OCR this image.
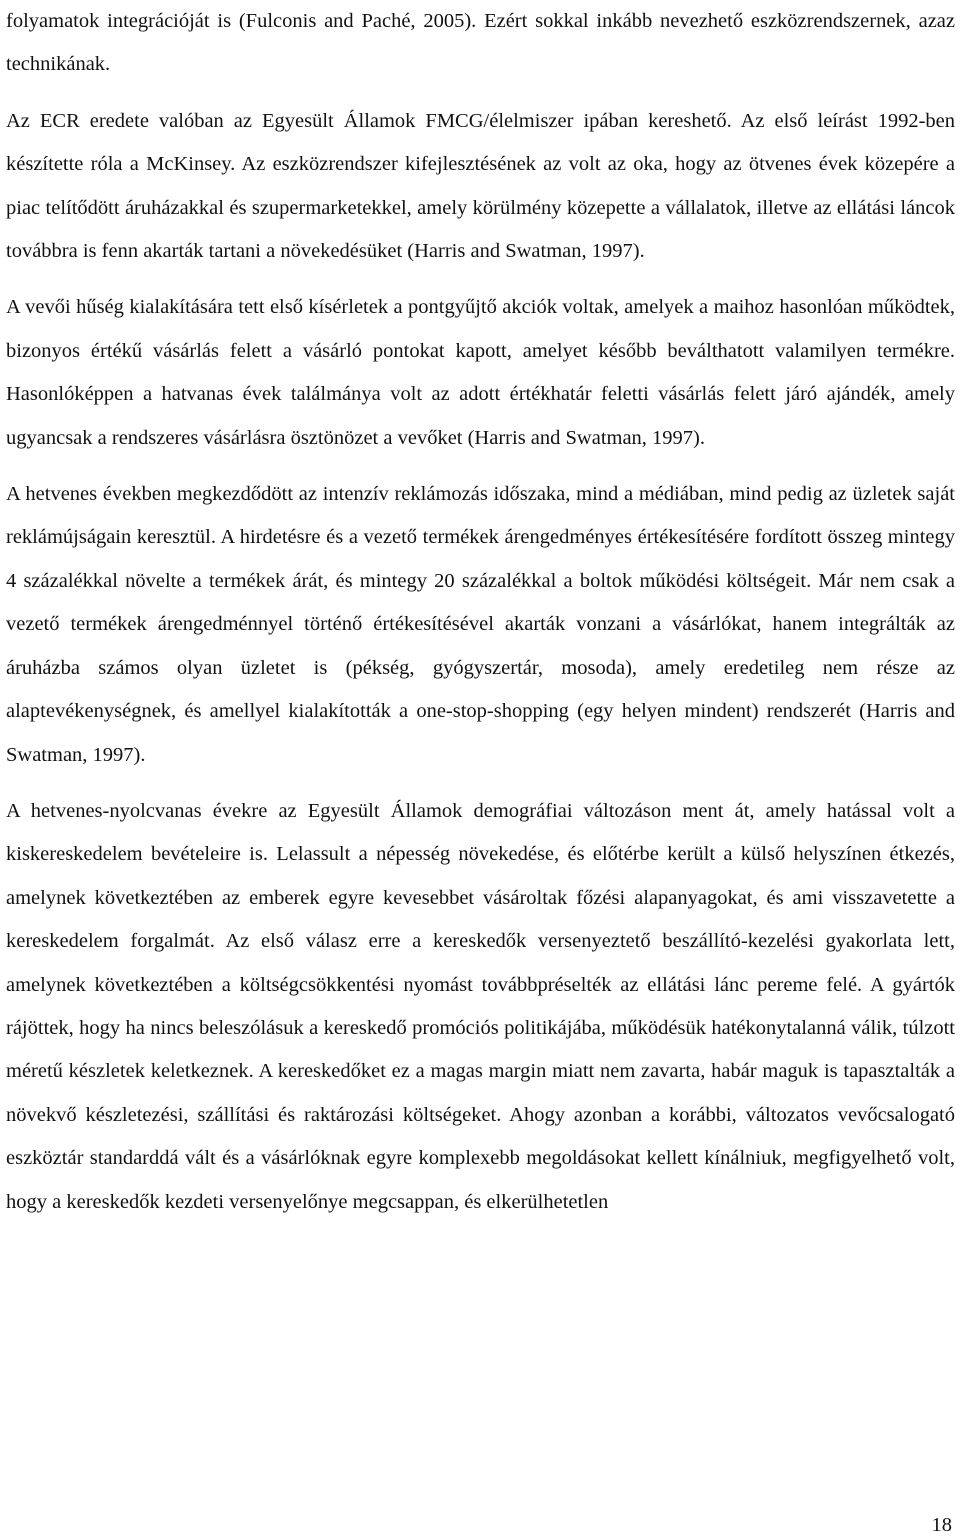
folyamatok integrációját is (Fulconis and Paché, 2005). Ezért sokkal inkább nevezhető eszközrendszernek, azaz technikának.

Az ECR eredete valóban az Egyesült Államok FMCG/élelmiszer ipában kereshető. Az első leírást 1992-ben készítette róla a McKinsey. Az eszközrendszer kifejlesztésének az volt az oka, hogy az ötvenes évek közepére a piac telítődött áruházakkal és szupermarketekkel, amely körülmény közepette a vállalatok, illetve az ellátási láncok továbbra is fenn akarták tartani a növekedésüket (Harris and Swatman, 1997).

A vevői hűség kialakítására tett első kísérletek a pontgyűjtő akciók voltak, amelyek a maihoz hasonlóan működtek, bizonyos értékű vásárlás felett a vásárló pontokat kapott, amelyet később beválthatott valamilyen termékre. Hasonlóképpen a hatvanas évek találmánya volt az adott értékhatár feletti vásárlás felett járó ajándék, amely ugyancsak a rendszeres vásárlásra ösztönözet a vevőket (Harris and Swatman, 1997).

A hetvenes években megkezdődött az intenzív reklámozás időszaka, mind a médiában, mind pedig az üzletek saját reklámújságain keresztül. A hirdetésre és a vezető termékek árengedményes értékesítésére fordított összeg mintegy 4 százalékkal növelte a termékek árát, és mintegy 20 százalékkal a boltok működési költségeit. Már nem csak a vezető termékek árengedménnyel történő értékesítésével akarták vonzani a vásárlókat, hanem integrálták az áruházba számos olyan üzletet is (pékség, gyógyszertár, mosoda), amely eredetileg nem része az alaptevékenységnek, és amellyel kialakították a one-stop-shopping (egy helyen mindent) rendszerét (Harris and Swatman, 1997).

A hetvenes-nyolcvanas évekre az Egyesült Államok demográfiai változáson ment át, amely hatással volt a kiskereskedelem bevételeire is. Lelassult a népesség növekedése, és előtérbe került a külső helyszínen étkezés, amelynek következtében az emberek egyre kevesebbet vásároltak főzési alapanyagokat, és ami visszavetette a kereskedelem forgalmát. Az első válasz erre a kereskedők versenyeztető beszállító-kezelési gyakorlata lett, amelynek következtében a költségcsökkentési nyomást továbbpréselték az ellátási lánc pereme felé. A gyártók rájöttek, hogy ha nincs beleszólásuk a kereskedő promóciós politikájába, működésük hatékonytalanná válik, túlzott méretű készletek keletkeznek. A kereskedőket ez a magas margin miatt nem zavarta, habár maguk is tapasztalták a növekvő készletezési, szállítási és raktározási költségeket. Ahogy azonban a korábbi, változatos vevőcsalogató eszköztár standarddá vált és a vásárlóknak egyre komplexebb megoldásokat kellett kínálniuk, megfigyelhető volt, hogy a kereskedők kezdeti versenyelőnye megcsappan, és elkerülhetetlen

18
